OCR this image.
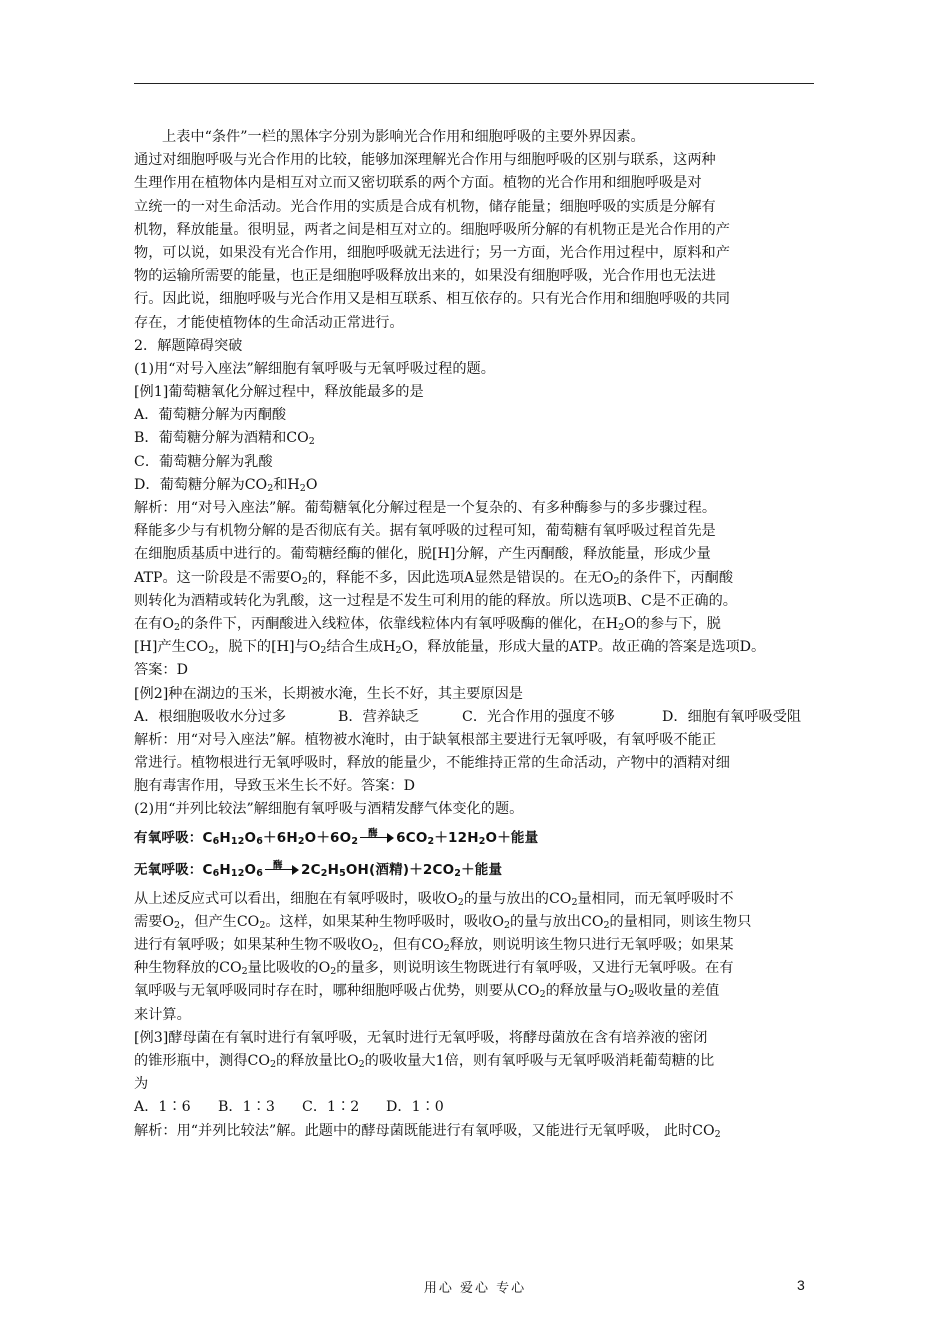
上表中“条件”一栏的黑体字分别为影响光合作用和细胞呼吸的主要外界因素。
通过对细胞呼吸与光合作用的比较，能够加深理解光合作用与细胞呼吸的区别与联系，这两种
生理作用在植物体内是相互对立而又密切联系的两个方面。植物的光合作用和细胞呼吸是对
立统一的一对生命活动。光合作用的实质是合成有机物，储存能量；细胞呼吸的实质是分解有
机物，释放能量。很明显，两者之间是相互对立的。细胞呼吸所分解的有机物正是光合作用的产
物，可以说，如果没有光合作用，细胞呼吸就无法进行；另一方面，光合作用过程中，原料和产
物的运输所需要的能量，也正是细胞呼吸释放出来的，如果没有细胞呼吸，光合作用也无法进
行。因此说，细胞呼吸与光合作用又是相互联系、相互依存的。只有光合作用和细胞呼吸的共同
存在，才能使植物体的生命活动正常进行。
2．解题障碍突破
(1)用“对号入座法”解细胞有氧呼吸与无氧呼吸过程的题。
[例1]葡萄糖氧化分解过程中，释放能最多的是
A．葡萄糖分解为丙酮酸
B．葡萄糖分解为酒精和$CO_2$
C．葡萄糖分解为乳酸
D．葡萄糖分解为$CO_2$和$H_2O$
解析：用“对号入座法”解。葡萄糖氧化分解过程是一个复杂的、有多种酶参与的多步骤过程。
释能多少与有机物分解的是否彻底有关。据有氧呼吸的过程可知，葡萄糖有氧呼吸过程首先是
在细胞质基质中进行的。葡萄糖经酶的催化，脱[H]分解，产生丙酮酸，释放能量，形成少量
ATP。这一阶段是不需要$O_2$的，释能不多，因此选项A显然是错误的。在无$O_2$的条件下，丙酮酸
则转化为酒精或转化为乳酸，这一过程是不发生可利用的能的释放。所以选项B、C是不正确的。
在有$O_2$的条件下，丙酮酸进入线粒体，依靠线粒体内有氧呼吸酶的催化，在$H_2O$的参与下，脱
[H]产生$CO_2$，脱下的[H]与$O_2$结合生成$H_2O$，释放能量，形成大量的ATP。故正确的答案是选项D。
答案：D
[例2]种在湖边的玉米，长期被水淹，生长不好，其主要原因是
A．根细胞吸收水分过多	B．营养缺乏	C．光合作用的强度不够	D．细胞有氧呼吸受阻
解析：用“对号入座法”解。植物被水淹时，由于缺氧根部主要进行无氧呼吸，有氧呼吸不能正
常进行。植物根进行无氧呼吸时，释放的能量少，不能维持正常的生命活动，产物中的酒精对细
胞有毒害作用，导致玉米生长不好。答案：D
(2)用“并列比较法”解细胞有氧呼吸与酒精发酵气体变化的题。
有氧呼吸：$C_6H_{12}O_6+6H_2O+6O_2$
酶 $6CO_2+12H_2O+$能量
无氧呼吸：$C_6H_{12}O_6$
酶 $2C_2H_5OH$(酒精)$+2CO_2+$能量
从上述反应式可以看出，细胞在有氧呼吸时，吸收$O_2$的量与放出的$CO_2$量相同，而无氧呼吸时不
需要$O_2$，但产生$CO_2$。这样，如果某种生物呼吸时，吸收$O_2$的量与放出$CO_2$的量相同，则该生物只
进行有氧呼吸；如果某种生物不吸收$O_2$，但有$CO_2$释放，则说明该生物只进行无氧呼吸；如果某
种生物释放的$CO_2$量比吸收的$O_2$的量多，则说明该生物既进行有氧呼吸，又进行无氧呼吸。在有
氧呼吸与无氧呼吸同时存在时，哪种细胞呼吸占优势，则要从$CO_2$的释放量与$O_2$吸收量的差值
来计算。
[例3]酵母菌在有氧时进行有氧呼吸，无氧时进行无氧呼吸，将酵母菌放在含有培养液的密闭
的锥形瓶中，测得$CO_2$的释放量比$O_2$的吸收量大1倍，则有氧呼吸与无氧呼吸消耗葡萄糖的比
为
A．1∶6 B．1∶3 C．1∶2 D．1∶0
解析：用“并列比较法”解。此题中的酵母菌既能进行有氧呼吸，又能进行无氧呼吸， 此时$CO_2$
用心 爱心 专心	3
